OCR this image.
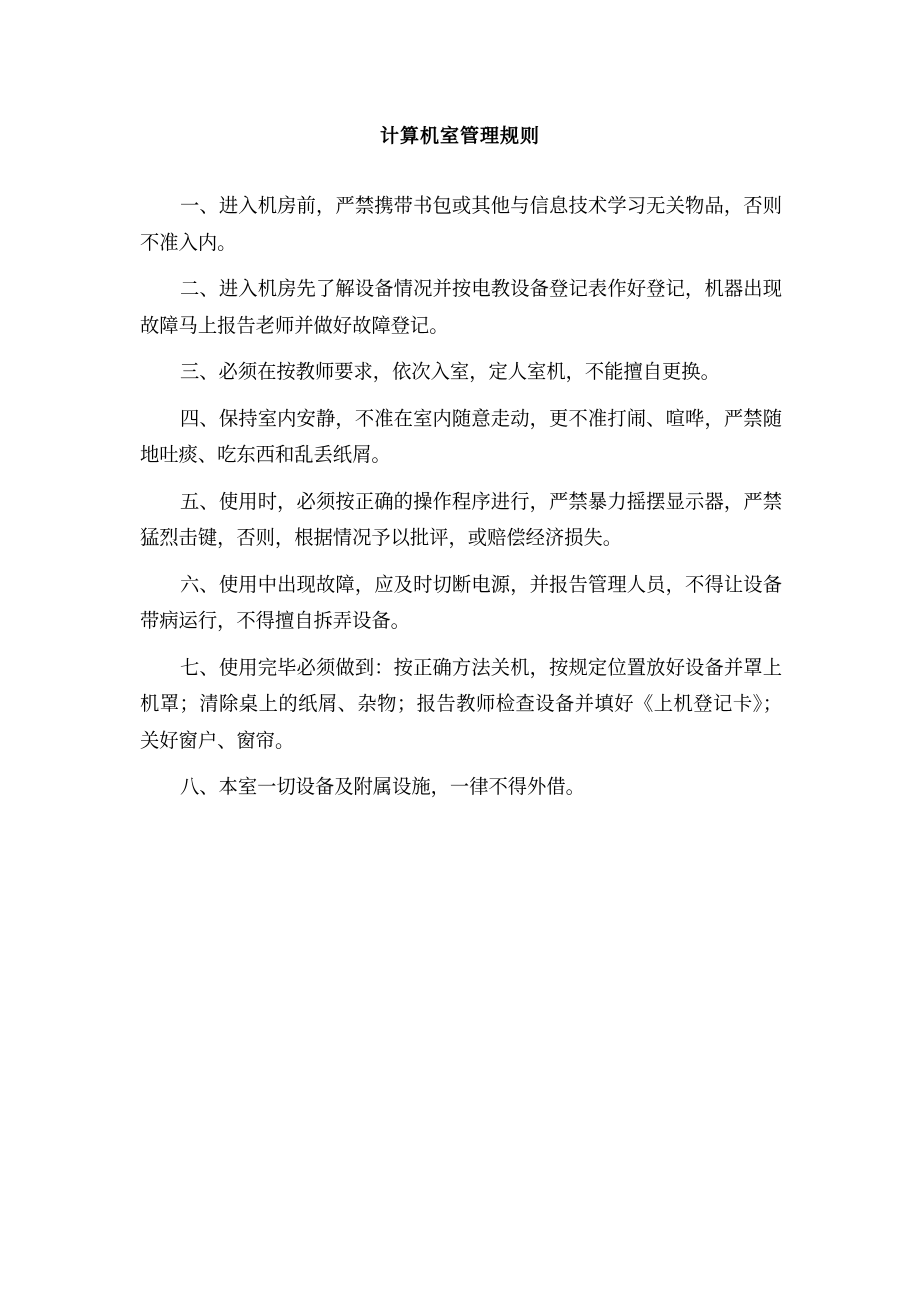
计算机室管理规则

一、进入机房前，严禁携带书包或其他与信息技术学习无关物品，否则不准入内。

二、进入机房先了解设备情况并按电教设备登记表作好登记，机器出现故障马上报告老师并做好故障登记。

三、必须在按教师要求，依次入室，定人室机，不能擅自更换。

四、保持室内安静，不准在室内随意走动，更不准打闹、喧哗，严禁随地吐痰、吃东西和乱丢纸屑。

五、使用时，必须按正确的操作程序进行，严禁暴力摇摆显示器，严禁猛烈击键，否则，根据情况予以批评，或赔偿经济损失。

六、使用中出现故障，应及时切断电源，并报告管理人员，不得让设备带病运行，不得擅自拆弄设备。

七、使用完毕必须做到：按正确方法关机，按规定位置放好设备并罩上机罩；清除桌上的纸屑、杂物；报告教师检查设备并填好《上机登记卡》；关好窗户、窗帘。

八、本室一切设备及附属设施，一律不得外借。
